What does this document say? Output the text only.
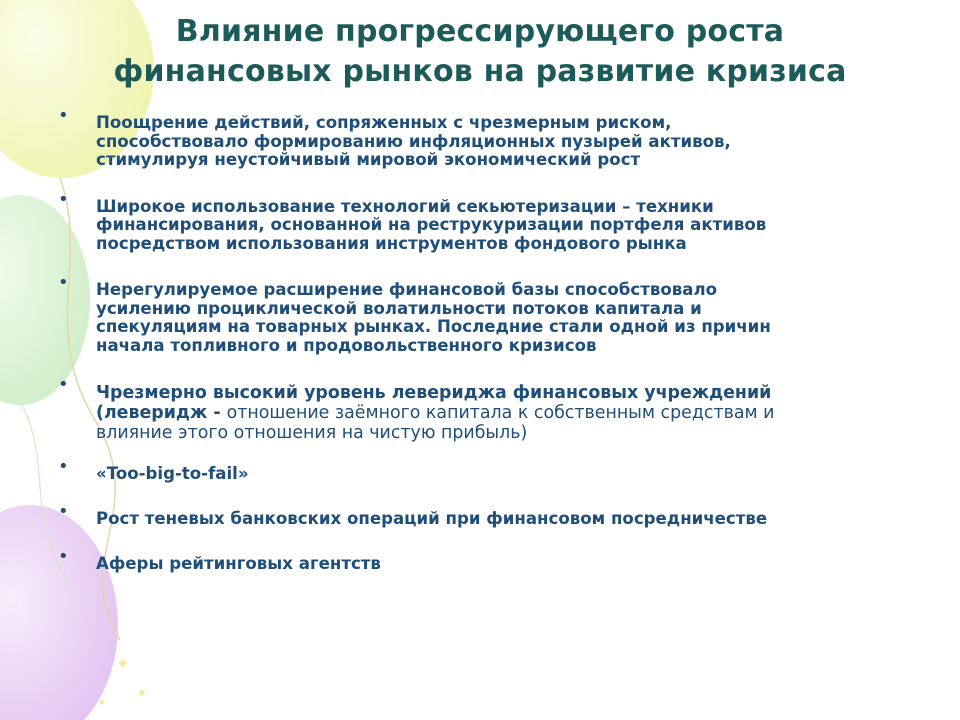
Влияние прогрессирующего роста
финансовых рынков на развитие кризиса
• Поощрение действий, сопряженных с чрезмерным риском,
способствовало формированию инфляционных пузырей активов,
стимулируя неустойчивый мировой экономический рост
• Широкое использование технологий секьютеризации – техники
финансирования, основанной на реструкуризации портфеля активов
посредством использования инструментов фондового рынка
• Нерегулируемое расширение финансовой базы способствовало
усилению проциклической волатильности потоков капитала и
спекуляциям на товарных рынках. Последние стали одной из причин
начала топливного и продовольственного кризисов
• Чрезмерно высокий уровень левериджа финансовых учреждений
(леверидж - отношение заёмного капитала к собственным средствам и
влияние этого отношения на чистую прибыль)
• «Too-big-to-fail»
• Рост теневых банковских операций при финансовом посредничестве
• Аферы рейтинговых агентств
